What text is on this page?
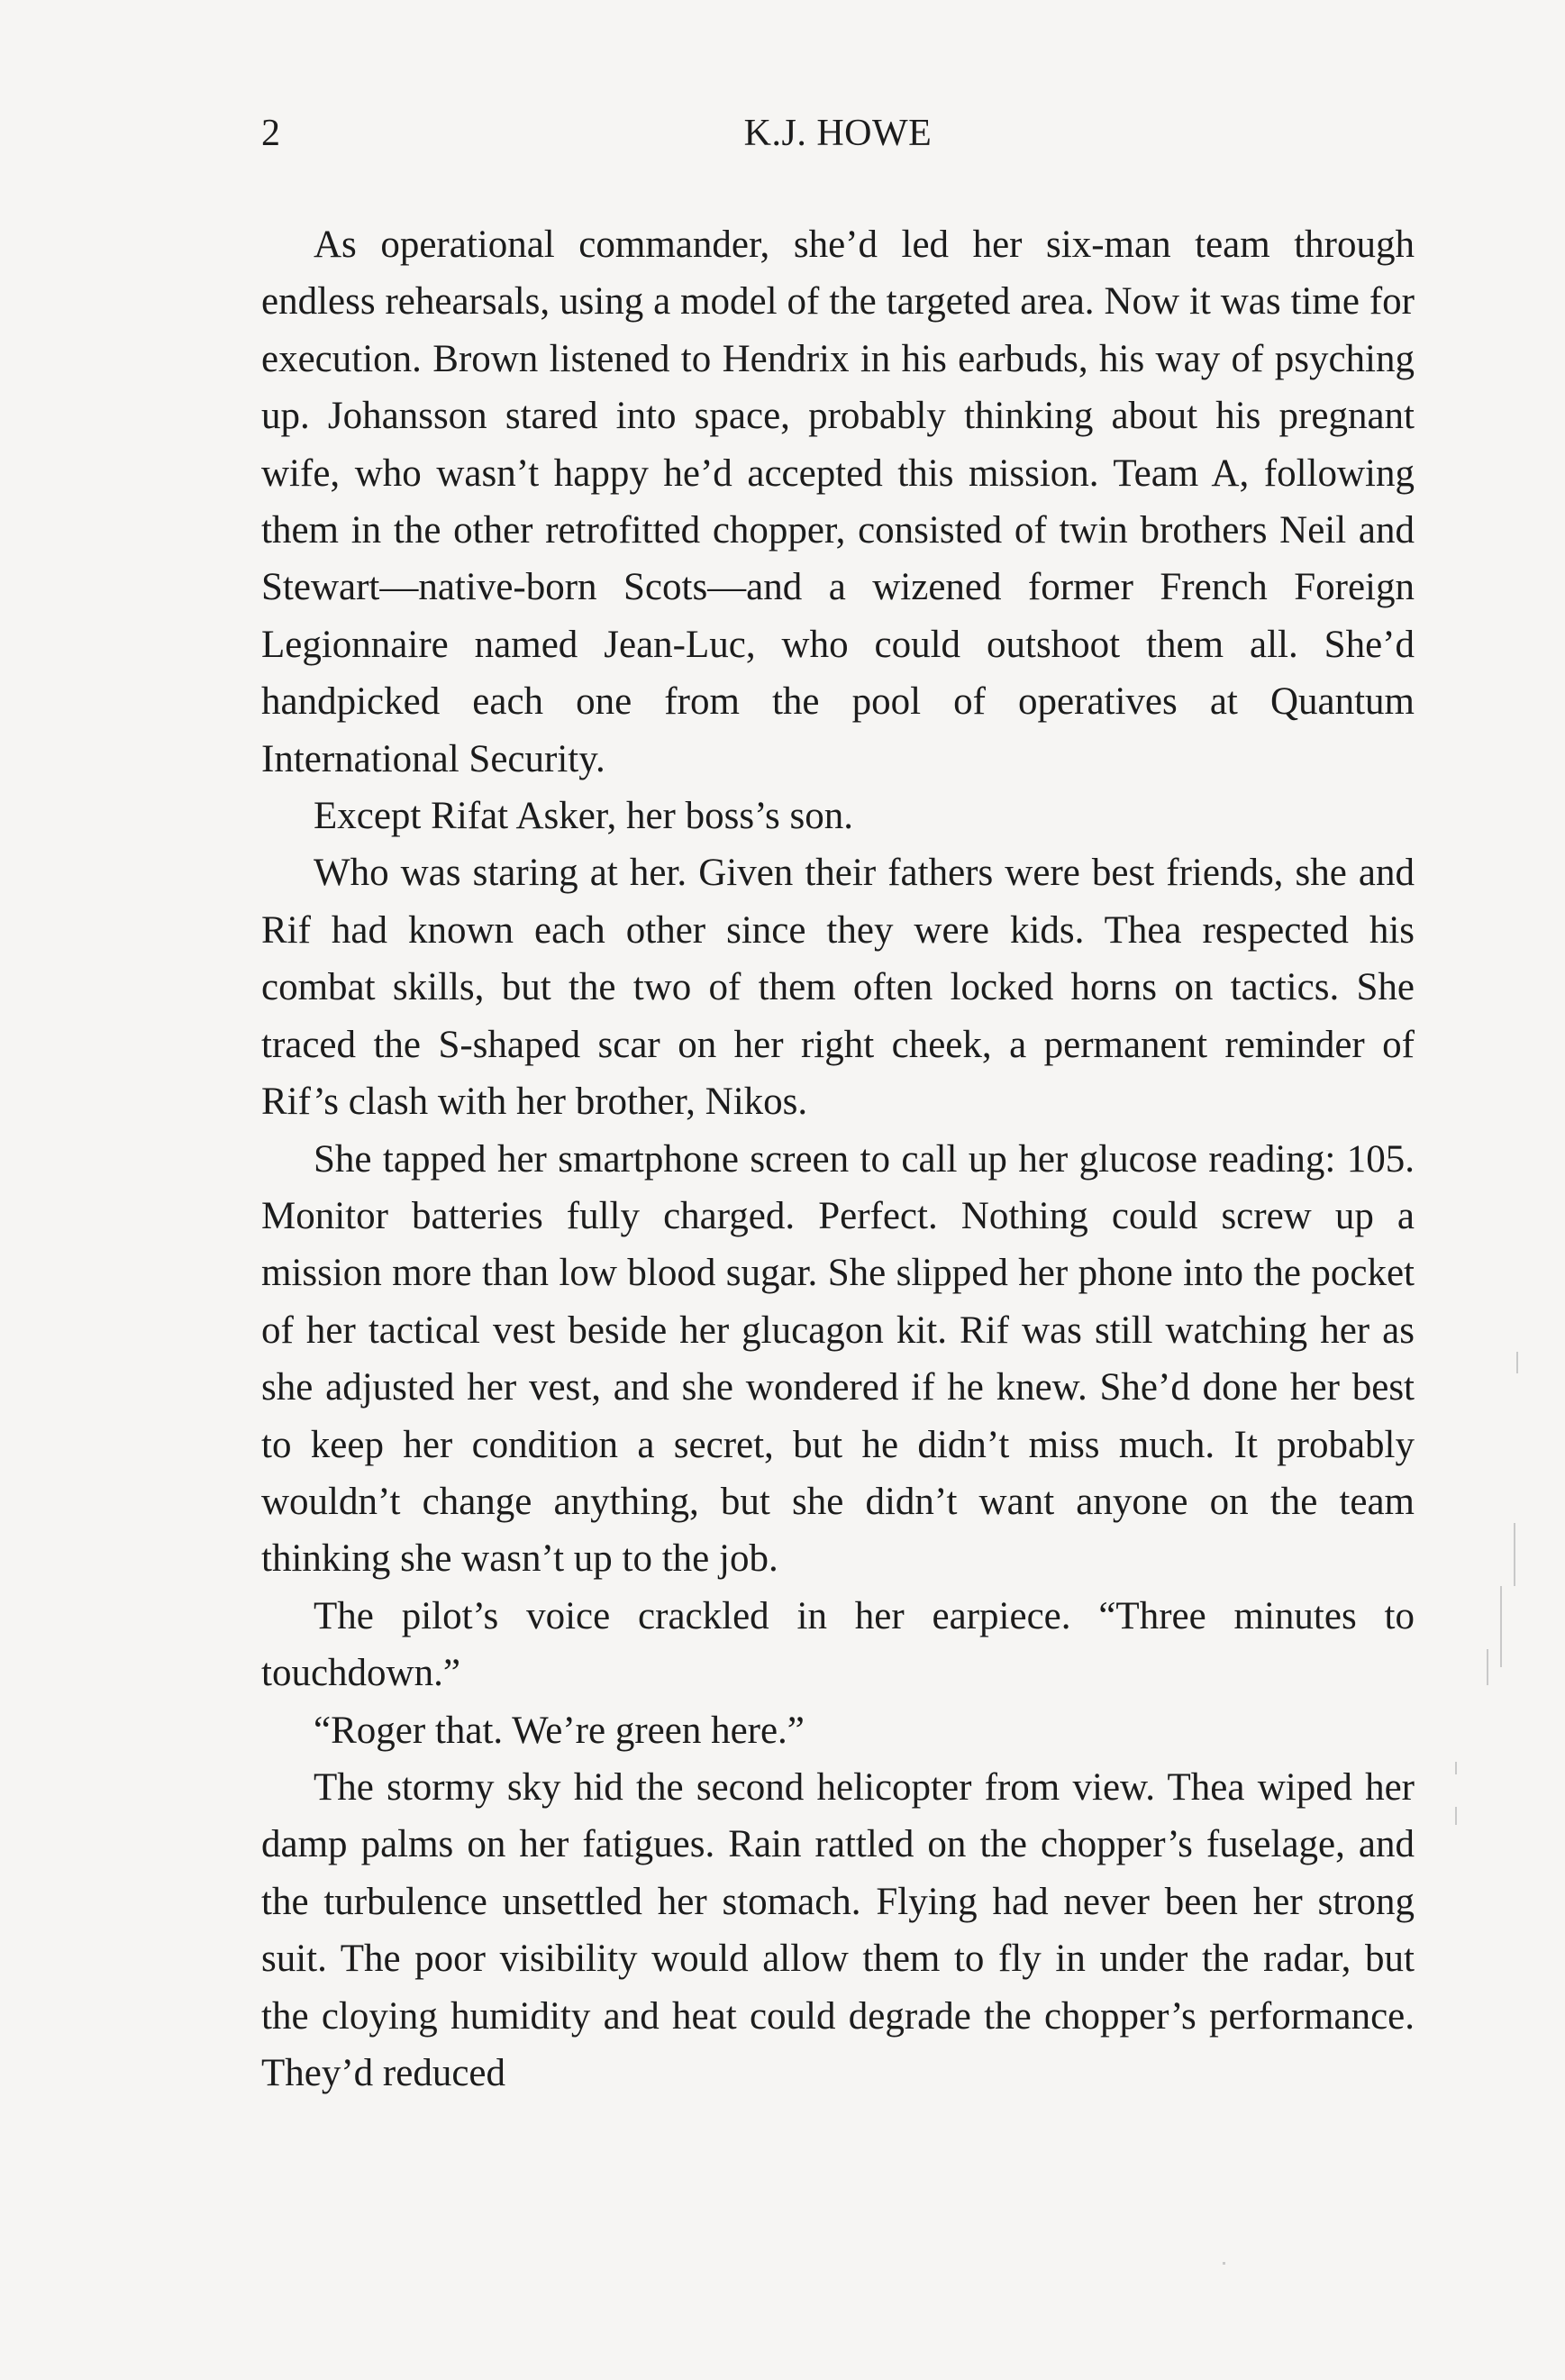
2	K.J. HOWE

As operational commander, she’d led her six-man team through endless rehearsals, using a model of the targeted area. Now it was time for execution. Brown listened to Hendrix in his earbuds, his way of psyching up. Johansson stared into space, probably thinking about his pregnant wife, who wasn’t happy he’d accepted this mission. Team A, following them in the other retrofitted chopper, consisted of twin brothers Neil and Stewart—native-born Scots—and a wizened former French Foreign Legionnaire named Jean-Luc, who could outshoot them all. She’d handpicked each one from the pool of operatives at Quantum International Security.

Except Rifat Asker, her boss’s son.

Who was staring at her. Given their fathers were best friends, she and Rif had known each other since they were kids. Thea respected his combat skills, but the two of them often locked horns on tactics. She traced the S-shaped scar on her right cheek, a permanent reminder of Rif’s clash with her brother, Nikos.

She tapped her smartphone screen to call up her glucose reading: 105. Monitor batteries fully charged. Perfect. Nothing could screw up a mission more than low blood sugar. She slipped her phone into the pocket of her tactical vest beside her glucagon kit. Rif was still watching her as she adjusted her vest, and she wondered if he knew. She’d done her best to keep her condition a secret, but he didn’t miss much. It probably wouldn’t change anything, but she didn’t want anyone on the team thinking she wasn’t up to the job.

The pilot’s voice crackled in her earpiece. “Three minutes to touchdown.”

“Roger that. We’re green here.”

The stormy sky hid the second helicopter from view. Thea wiped her damp palms on her fatigues. Rain rattled on the chopper’s fuselage, and the turbulence unsettled her stomach. Flying had never been her strong suit. The poor visibility would allow them to fly in under the radar, but the cloying humidity and heat could degrade the chopper’s performance. They’d reduced
